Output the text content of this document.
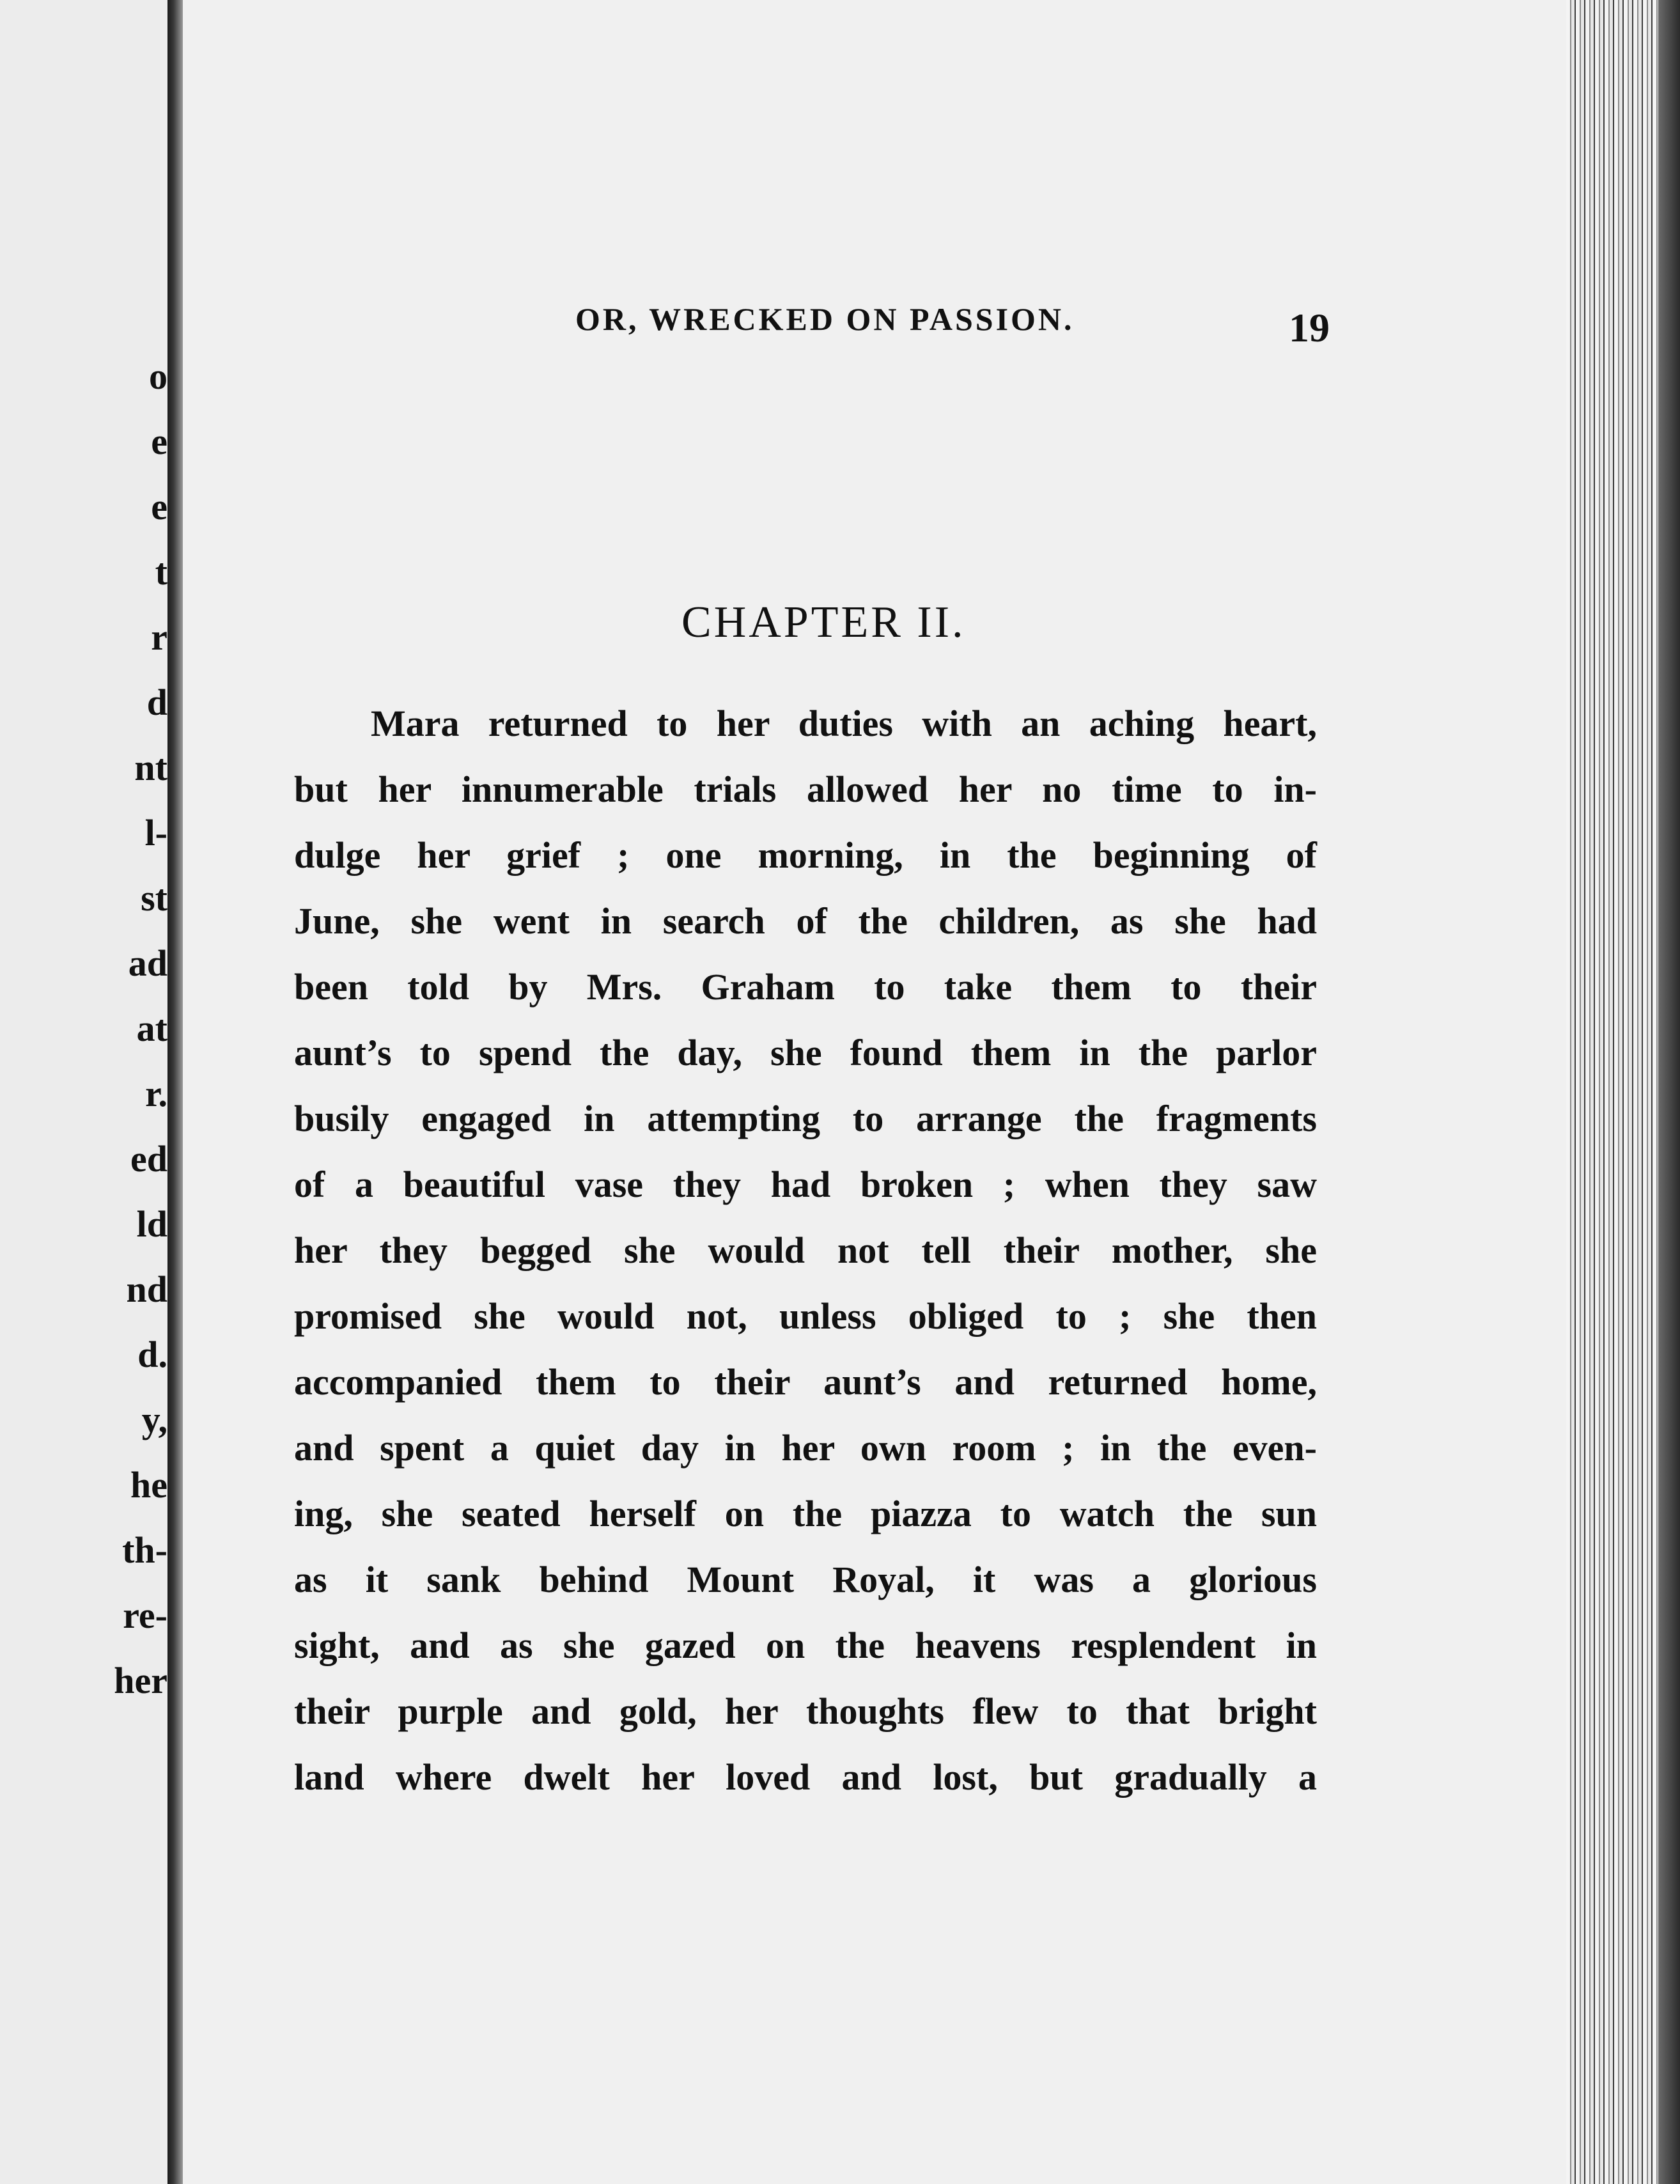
o
e
e
t
r
d
nt
l-
st
ad
at
r.
ed
ld
nd
d.
y,
he
th-
re-
her
OR, WRECKED ON PASSION.	19
CHAPTER II.
Mara returned to her duties with an aching heart,
but her innumerable trials allowed her no time to in-
dulge her grief ; one morning, in the beginning of
June, she went in search of the children, as she had
been told by Mrs. Graham to take them to their
aunt’s to spend the day, she found them in the parlor
busily engaged in attempting to arrange the fragments
of a beautiful vase they had broken ; when they saw
her they begged she would not tell their mother, she
promised she would not, unless obliged to ; she then
accompanied them to their aunt’s and returned home,
and spent a quiet day in her own room ; in the even-
ing, she seated herself on the piazza to watch the sun
as it sank behind Mount Royal, it was a glorious
sight, and as she gazed on the heavens resplendent in
their purple and gold, her thoughts flew to that bright
land where dwelt her loved and lost, but gradually a
